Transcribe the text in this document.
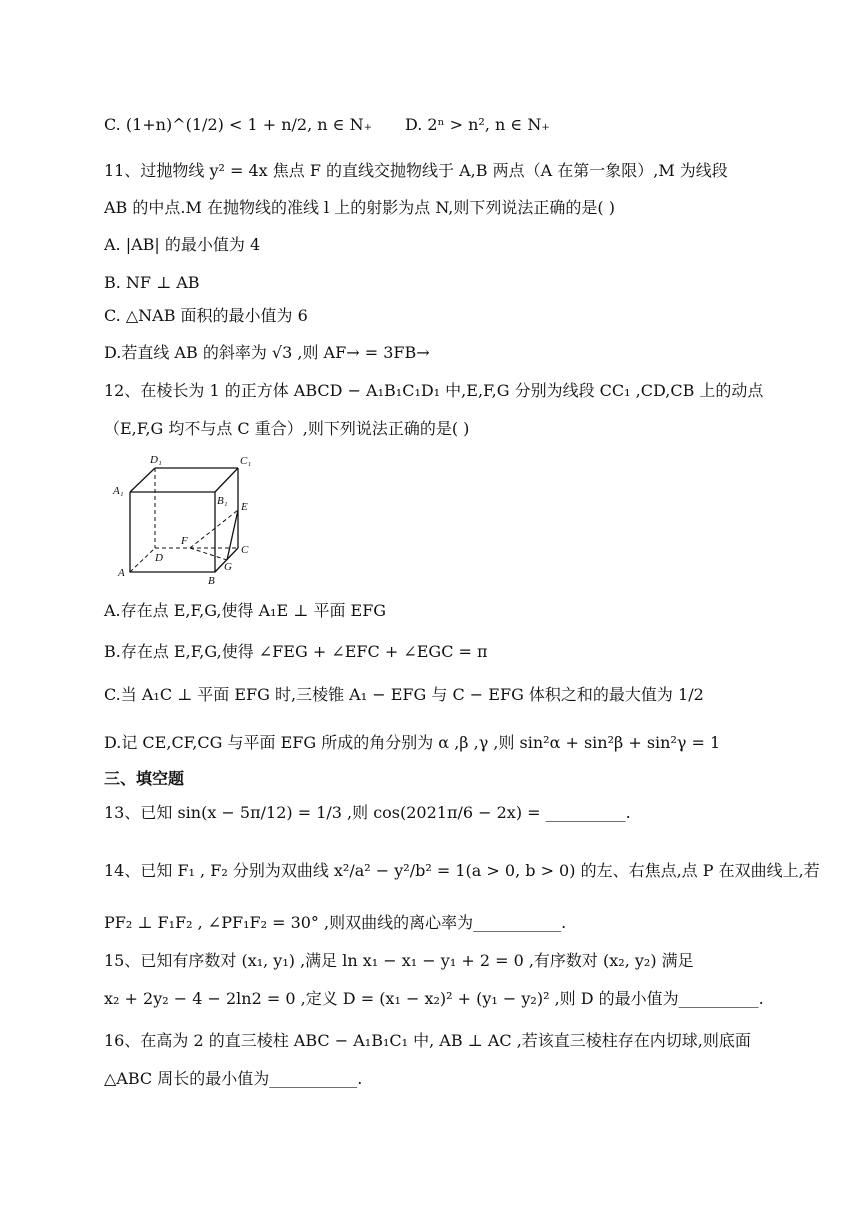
C. (1+n)^(1/2) < 1 + n/2, n ∈ N₊	D. 2ⁿ > n², n ∈ N₊
11、过抛物线 y² = 4x 焦点 F 的直线交抛物线于 A,B 两点（A 在第一象限）,M 为线段
AB 的中点.M 在抛物线的准线 l 上的射影为点 N,则下列说法正确的是( )
A. |AB| 的最小值为 4
B. NF ⊥ AB
C. △NAB 面积的最小值为 6
D.若直线 AB 的斜率为 √3 ,则 AF→ = 3FB→
12、在棱长为 1 的正方体 ABCD − A₁B₁C₁D₁ 中,E,F,G 分别为线段 CC₁ ,CD,CB 上的动点
（E,F,G 均不与点 C 重合）,则下列说法正确的是( )
D₁	C₁
A₁
B₁ E
F
D
C
A
B
G
A.存在点 E,F,G,使得 A₁E ⊥ 平面 EFG
B.存在点 E,F,G,使得 ∠FEG + ∠EFC + ∠EGC = π
C.当 A₁C ⊥ 平面 EFG 时,三棱锥 A₁ − EFG 与 C − EFG 体积之和的最大值为 1/2
D.记 CE,CF,CG 与平面 EFG 所成的角分别为 α ,β ,γ ,则 sin²α + sin²β + sin²γ = 1
三、填空题
13、已知 sin(x − 5π/12) = 1/3 ,则 cos(2021π/6 − 2x) = __________.
14、已知 F₁ , F₂ 分别为双曲线 x²/a² − y²/b² = 1(a > 0, b > 0) 的左、右焦点,点 P 在双曲线上,若
PF₂ ⊥ F₁F₂ , ∠PF₁F₂ = 30° ,则双曲线的离心率为___________.
15、已知有序数对 (x₁, y₁) ,满足 ln x₁ − x₁ − y₁ + 2 = 0 ,有序数对 (x₂, y₂) 满足
x₂ + 2y₂ − 4 − 2ln2 = 0 ,定义 D = (x₁ − x₂)² + (y₁ − y₂)² ,则 D 的最小值为__________.
16、在高为 2 的直三棱柱 ABC − A₁B₁C₁ 中, AB ⊥ AC ,若该直三棱柱存在内切球,则底面
△ABC 周长的最小值为___________.
